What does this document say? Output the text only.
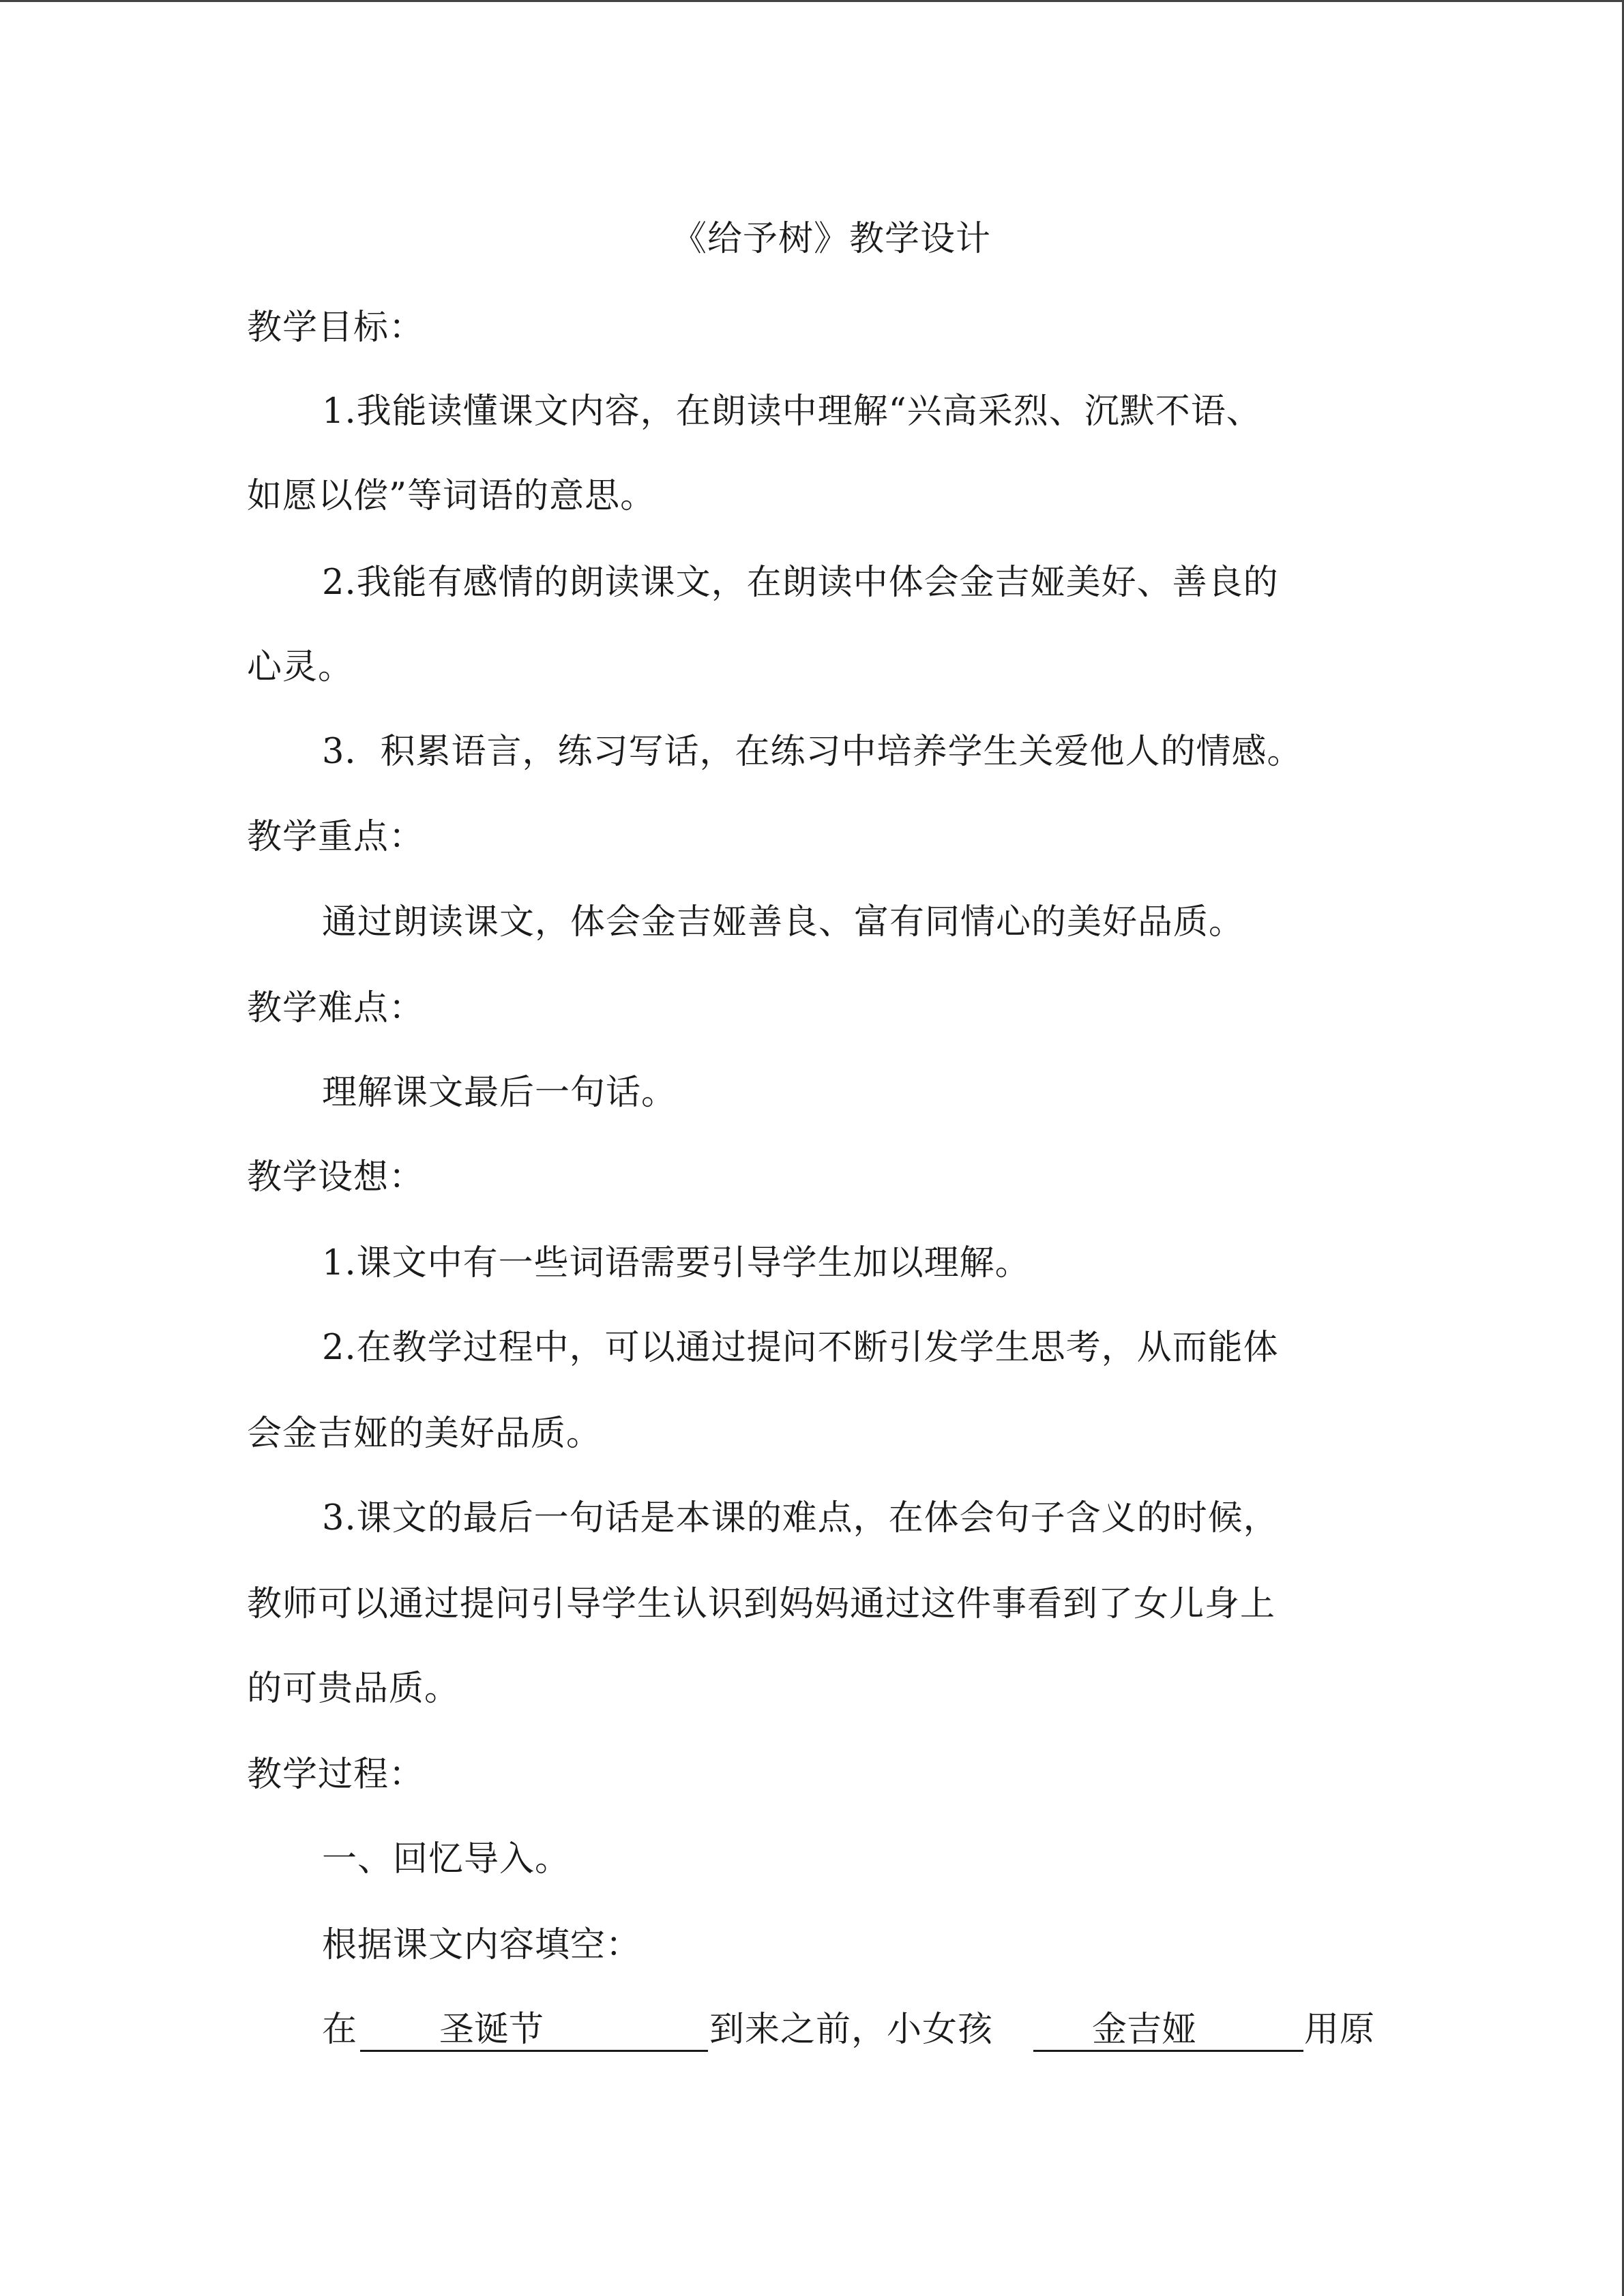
《给予树》教学设计
教学目标：
1.我能读懂课文内容，在朗读中理解“兴高采烈、沉默不语、
如愿以偿”等词语的意思。
2.我能有感情的朗读课文，在朗读中体会金吉娅美好、善良的
心灵。
3．积累语言，练习写话，在练习中培养学生关爱他人的情感。
教学重点：
通过朗读课文，体会金吉娅善良、富有同情心的美好品质。
教学难点：
理解课文最后一句话。
教学设想：
1.课文中有一些词语需要引导学生加以理解。
2.在教学过程中，可以通过提问不断引发学生思考，从而能体
会金吉娅的美好品质。
3.课文的最后一句话是本课的难点，在体会句子含义的时候，
教师可以通过提问引导学生认识到妈妈通过这件事看到了女儿身上
的可贵品质。
教学过程：
一、回忆导入。
根据课文内容填空：
在 圣诞节	到来之前，小女孩	金吉娅	用原
